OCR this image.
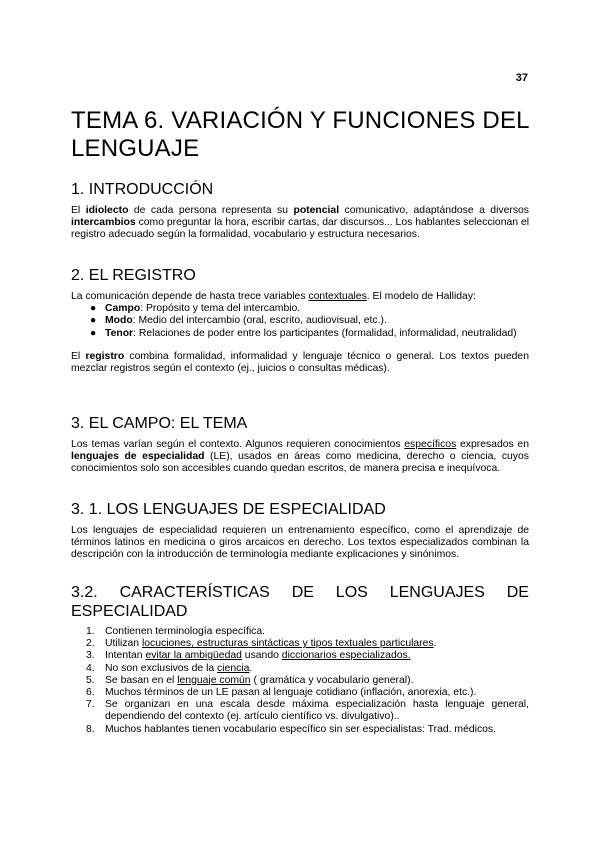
37
TEMA 6. VARIACIÓN Y FUNCIONES DEL LENGUAJE
1. INTRODUCCIÓN

El idiolecto de cada persona representa su potencial comunicativo, adaptándose a diversos intercambios como preguntar la hora, escribir cartas, dar discursos... Los hablantes seleccionan el registro adecuado según la formalidad, vocabulario y estructura necesarios.

2. EL REGISTRO

La comunicación depende de hasta trece variables contextuales. El modelo de Halliday:

● Campo: Propósito y tema del intercambio.
● Modo: Medio del intercambio (oral, escrito, audiovisual, etc.).
● Tenor: Relaciones de poder entre los participantes (formalidad, informalidad, neutralidad)

El registro combina formalidad, informalidad y lenguaje técnico o general. Los textos pueden mezclar registros según el contexto (ej., juicios o consultas médicas).

3. EL CAMPO: EL TEMA

Los temas varían según el contexto. Algunos requieren conocimientos específicos expresados en lenguajes de especialidad (LE), usados en áreas como medicina, derecho o ciencia, cuyos conocimientos solo son accesibles cuando quedan escritos, de manera precisa e inequívoca.

3. 1. LOS LENGUAJES DE ESPECIALIDAD

Los lenguajes de especialidad requieren un entrenamiento específico, como el aprendizaje de términos latinos en medicina o giros arcaicos en derecho. Los textos especializados combinan la descripción con la introducción de terminología mediante explicaciones y sinónimos.

3.2. CARACTERÍSTICAS DE LOS LENGUAJES DE
ESPECIALIDAD
1. Contienen terminología específica.
2. Utilizan locuciones, estructuras sintácticas y tipos textuales particulares.
3. Intentan evitar la ambigüedad usando diccionarios especializados.
4. No son exclusivos de la ciencia.
5. Se basan en el lenguaje común ( gramática y vocabulario general).
6. Muchos términos de un LE pasan al lenguaje cotidiano (inflación, anorexia, etc.).
7. Se organizan en una escala desde máxima especialización hasta lenguaje general, dependiendo del contexto (ej. artículo científico vs. divulgativo)..
8. Muchos hablantes tienen vocabulario específico sin ser especialistas: Trad. médicos.
